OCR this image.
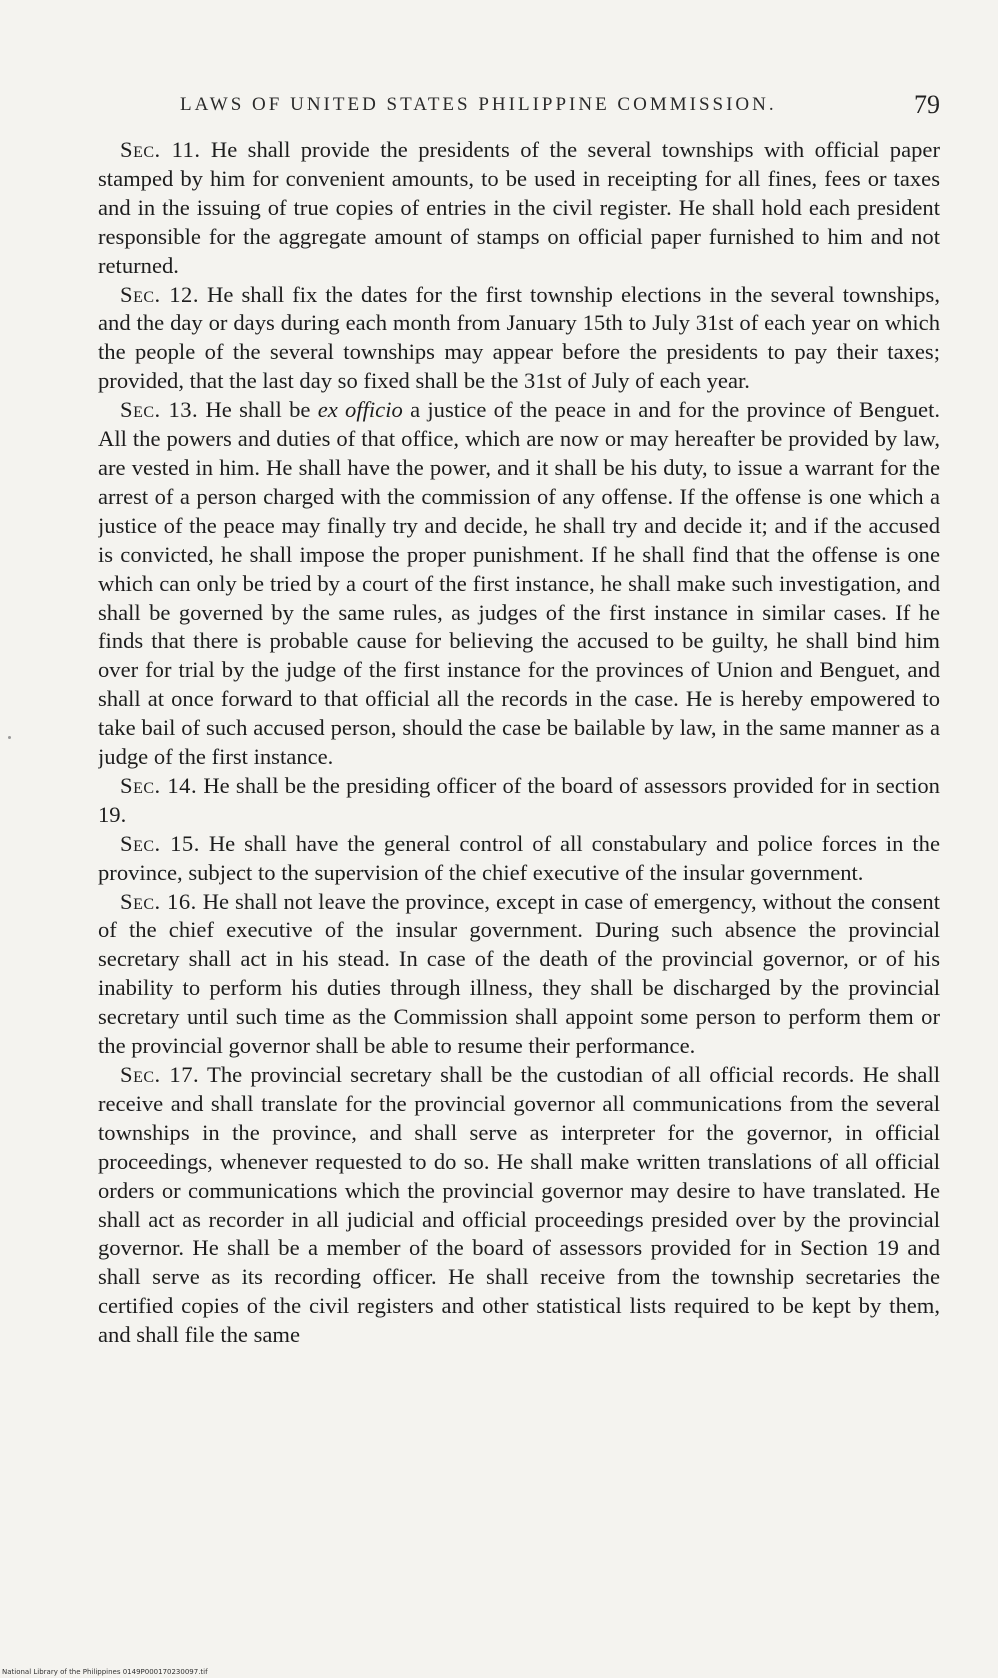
LAWS OF UNITED STATES PHILIPPINE COMMISSION.	79

Sec. 11. He shall provide the presidents of the several townships with official paper stamped by him for convenient amounts, to be used in receipting for all fines, fees or taxes and in the issuing of true copies of entries in the civil register. He shall hold each president responsible for the aggregate amount of stamps on official paper furnished to him and not returned.

Sec. 12. He shall fix the dates for the first township elections in the several townships, and the day or days during each month from January 15th to July 31st of each year on which the people of the several townships may appear before the presidents to pay their taxes; provided, that the last day so fixed shall be the 31st of July of each year.

Sec. 13. He shall be ex officio a justice of the peace in and for the province of Benguet. All the powers and duties of that office, which are now or may hereafter be provided by law, are vested in him. He shall have the power, and it shall be his duty, to issue a warrant for the arrest of a person charged with the commission of any offense. If the offense is one which a justice of the peace may finally try and decide, he shall try and decide it; and if the accused is convicted, he shall impose the proper punishment. If he shall find that the offense is one which can only be tried by a court of the first instance, he shall make such investigation, and shall be governed by the same rules, as judges of the first instance in similar cases. If he finds that there is probable cause for believing the accused to be guilty, he shall bind him over for trial by the judge of the first instance for the provinces of Union and Benguet, and shall at once forward to that official all the records in the case. He is hereby empowered to take bail of such accused person, should the case be bailable by law, in the same manner as a judge of the first instance.

Sec. 14. He shall be the presiding officer of the board of assessors provided for in section 19.

Sec. 15. He shall have the general control of all constabulary and police forces in the province, subject to the supervision of the chief executive of the insular government.

Sec. 16. He shall not leave the province, except in case of emergency, without the consent of the chief executive of the insular government. During such absence the provincial secretary shall act in his stead. In case of the death of the provincial governor, or of his inability to perform his duties through illness, they shall be discharged by the provincial secretary until such time as the Commission shall appoint some person to perform them or the provincial governor shall be able to resume their performance.

Sec. 17. The provincial secretary shall be the custodian of all official records. He shall receive and shall translate for the provincial governor all communications from the several townships in the province, and shall serve as interpreter for the governor, in official proceedings, whenever requested to do so. He shall make written translations of all official orders or communications which the provincial governor may desire to have translated. He shall act as recorder in all judicial and official proceedings presided over by the provincial governor. He shall be a member of the board of assessors provided for in Section 19 and shall serve as its recording officer. He shall receive from the township secretaries the certified copies of the civil registers and other statistical lists required to be kept by them, and shall file the same

National Library of the Philippines 0149P000170230097.tif
